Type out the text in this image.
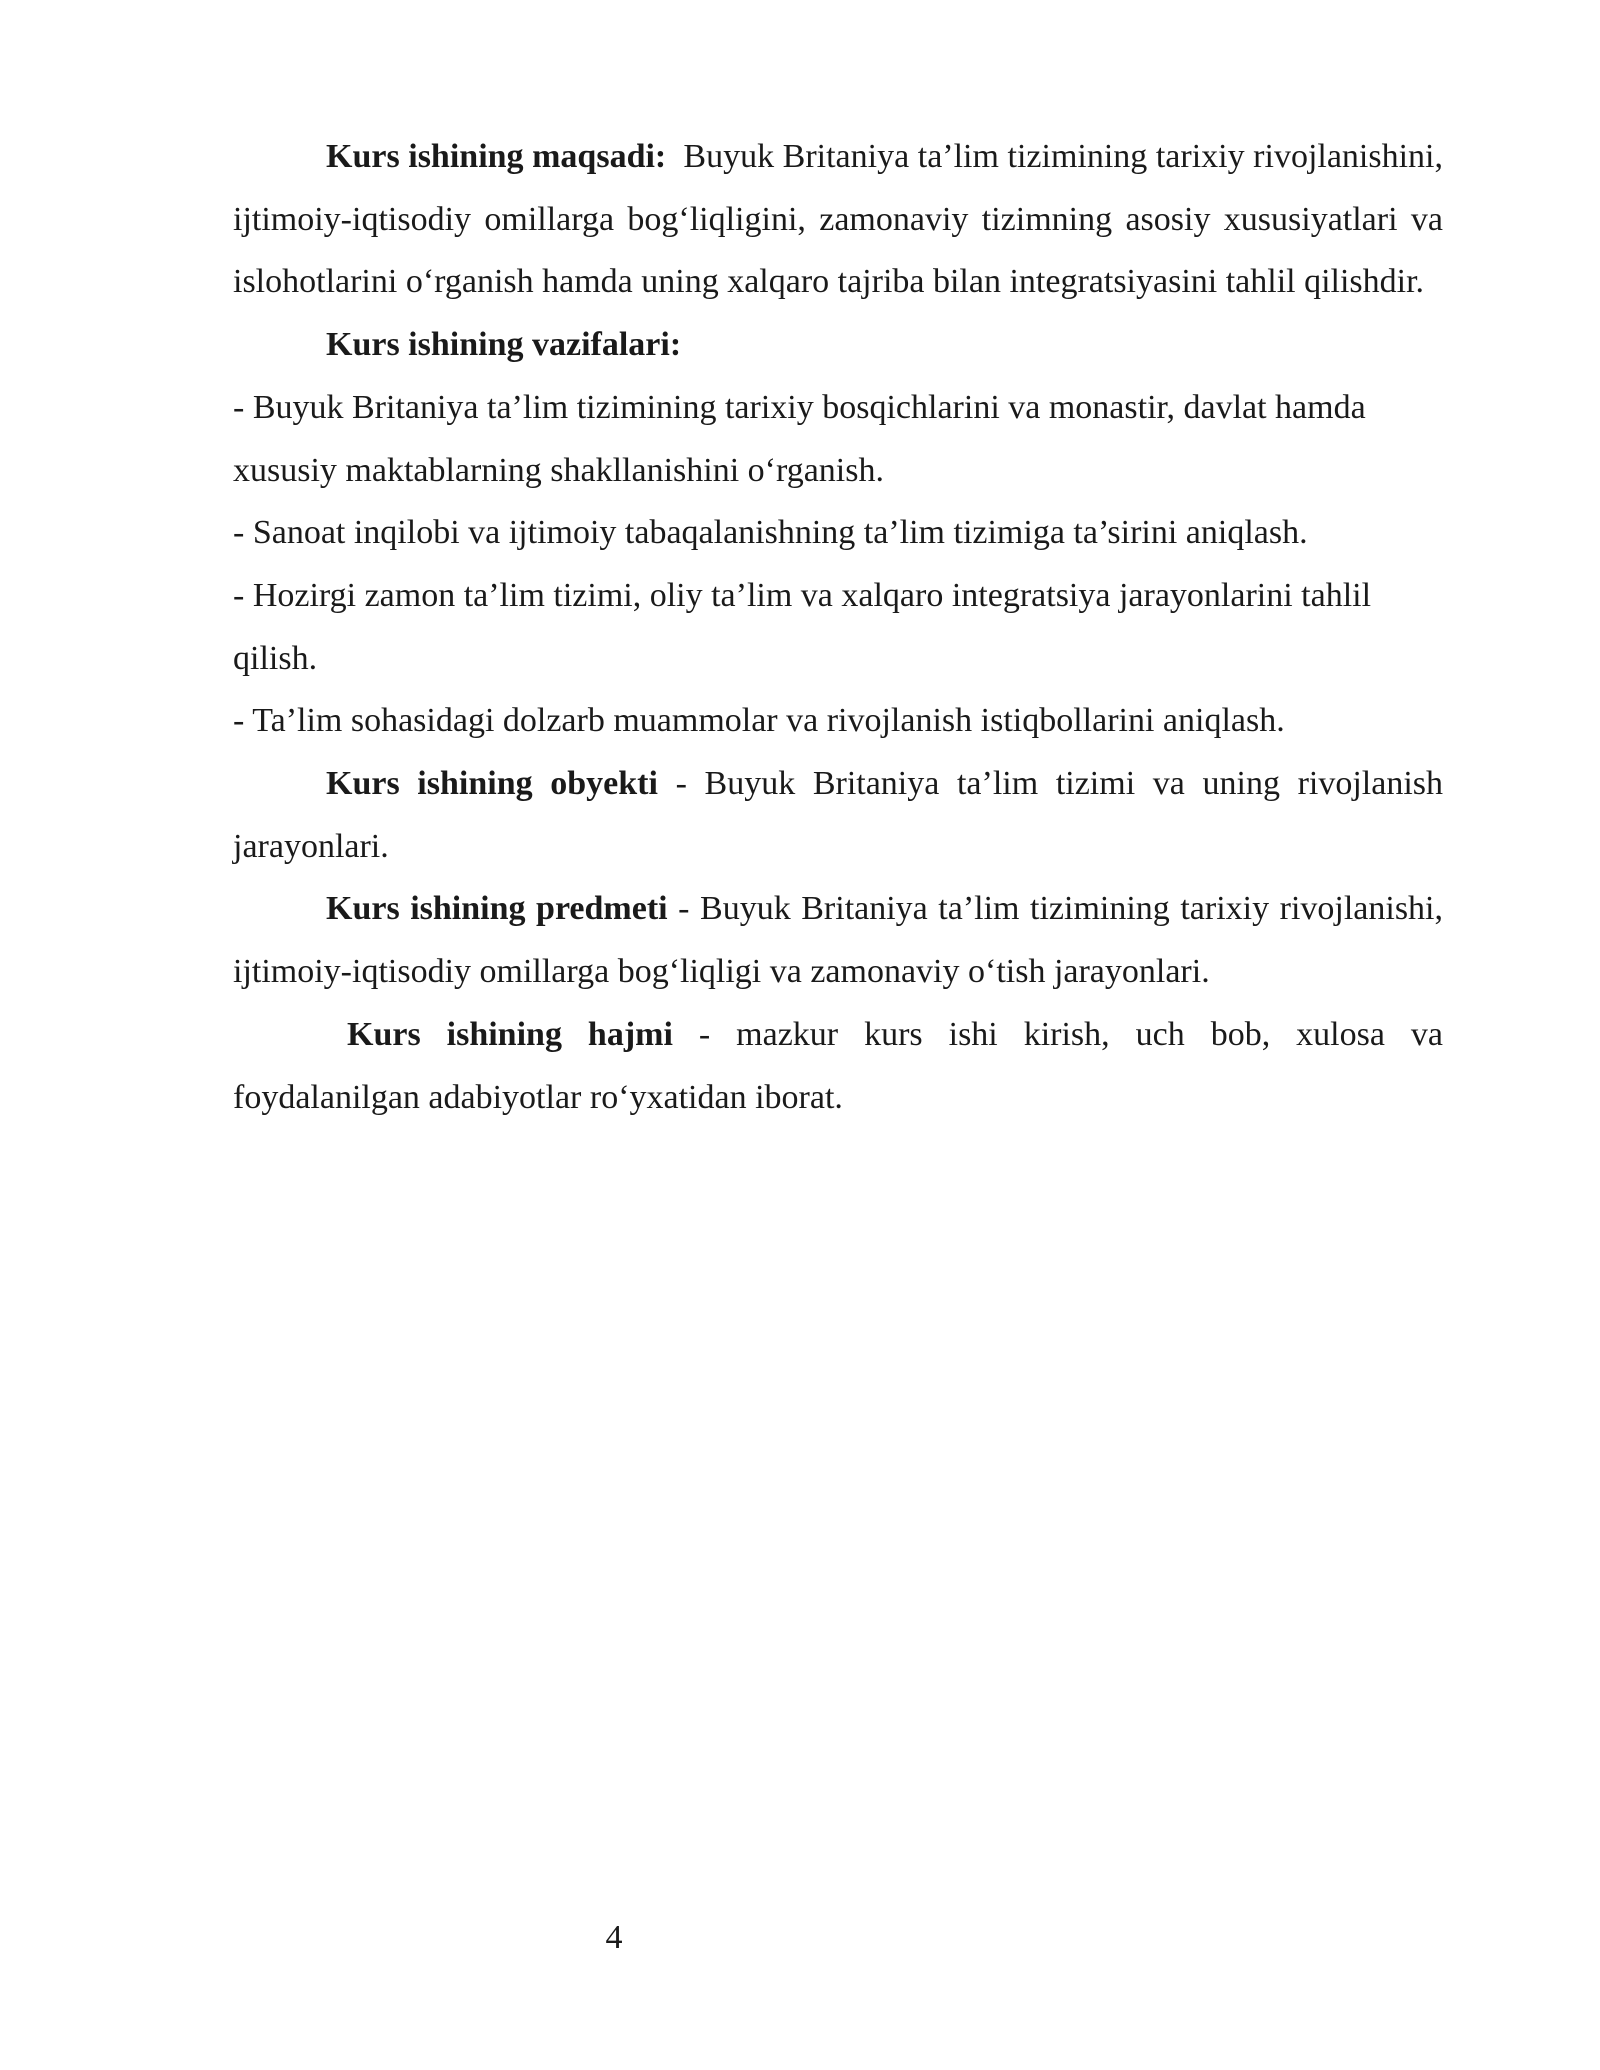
Kurs ishining maqsadi: Buyuk Britaniya ta’lim tizimining tarixiy rivojlanishini, ijtimoiy-iqtisodiy omillarga bog‘liqligini, zamonaviy tizimning asosiy xususiyatlari va islohotlarini o‘rganish hamda uning xalqaro tajriba bilan integratsiyasini tahlil qilishdir.

Kurs ishining vazifalari:

- Buyuk Britaniya ta’lim tizimining tarixiy bosqichlarini va monastir, davlat hamda xususiy maktablarning shakllanishini o‘rganish.

- Sanoat inqilobi va ijtimoiy tabaqalanishning ta’lim tizimiga ta’sirini aniqlash.

- Hozirgi zamon ta’lim tizimi, oliy ta’lim va xalqaro integratsiya jarayonlarini tahlil qilish.

- Ta’lim sohasidagi dolzarb muammolar va rivojlanish istiqbollarini aniqlash.

Kurs ishining obyekti - Buyuk Britaniya ta’lim tizimi va uning rivojlanish jarayonlari.

Kurs ishining predmeti - Buyuk Britaniya ta’lim tizimining tarixiy rivojlanishi, ijtimoiy-iqtisodiy omillarga bog‘liqligi va zamonaviy o‘tish jarayonlari.

Kurs ishining hajmi - mazkur kurs ishi kirish, uch bob, xulosa va foydalanilgan adabiyotlar ro‘yxatidan iborat.

4
